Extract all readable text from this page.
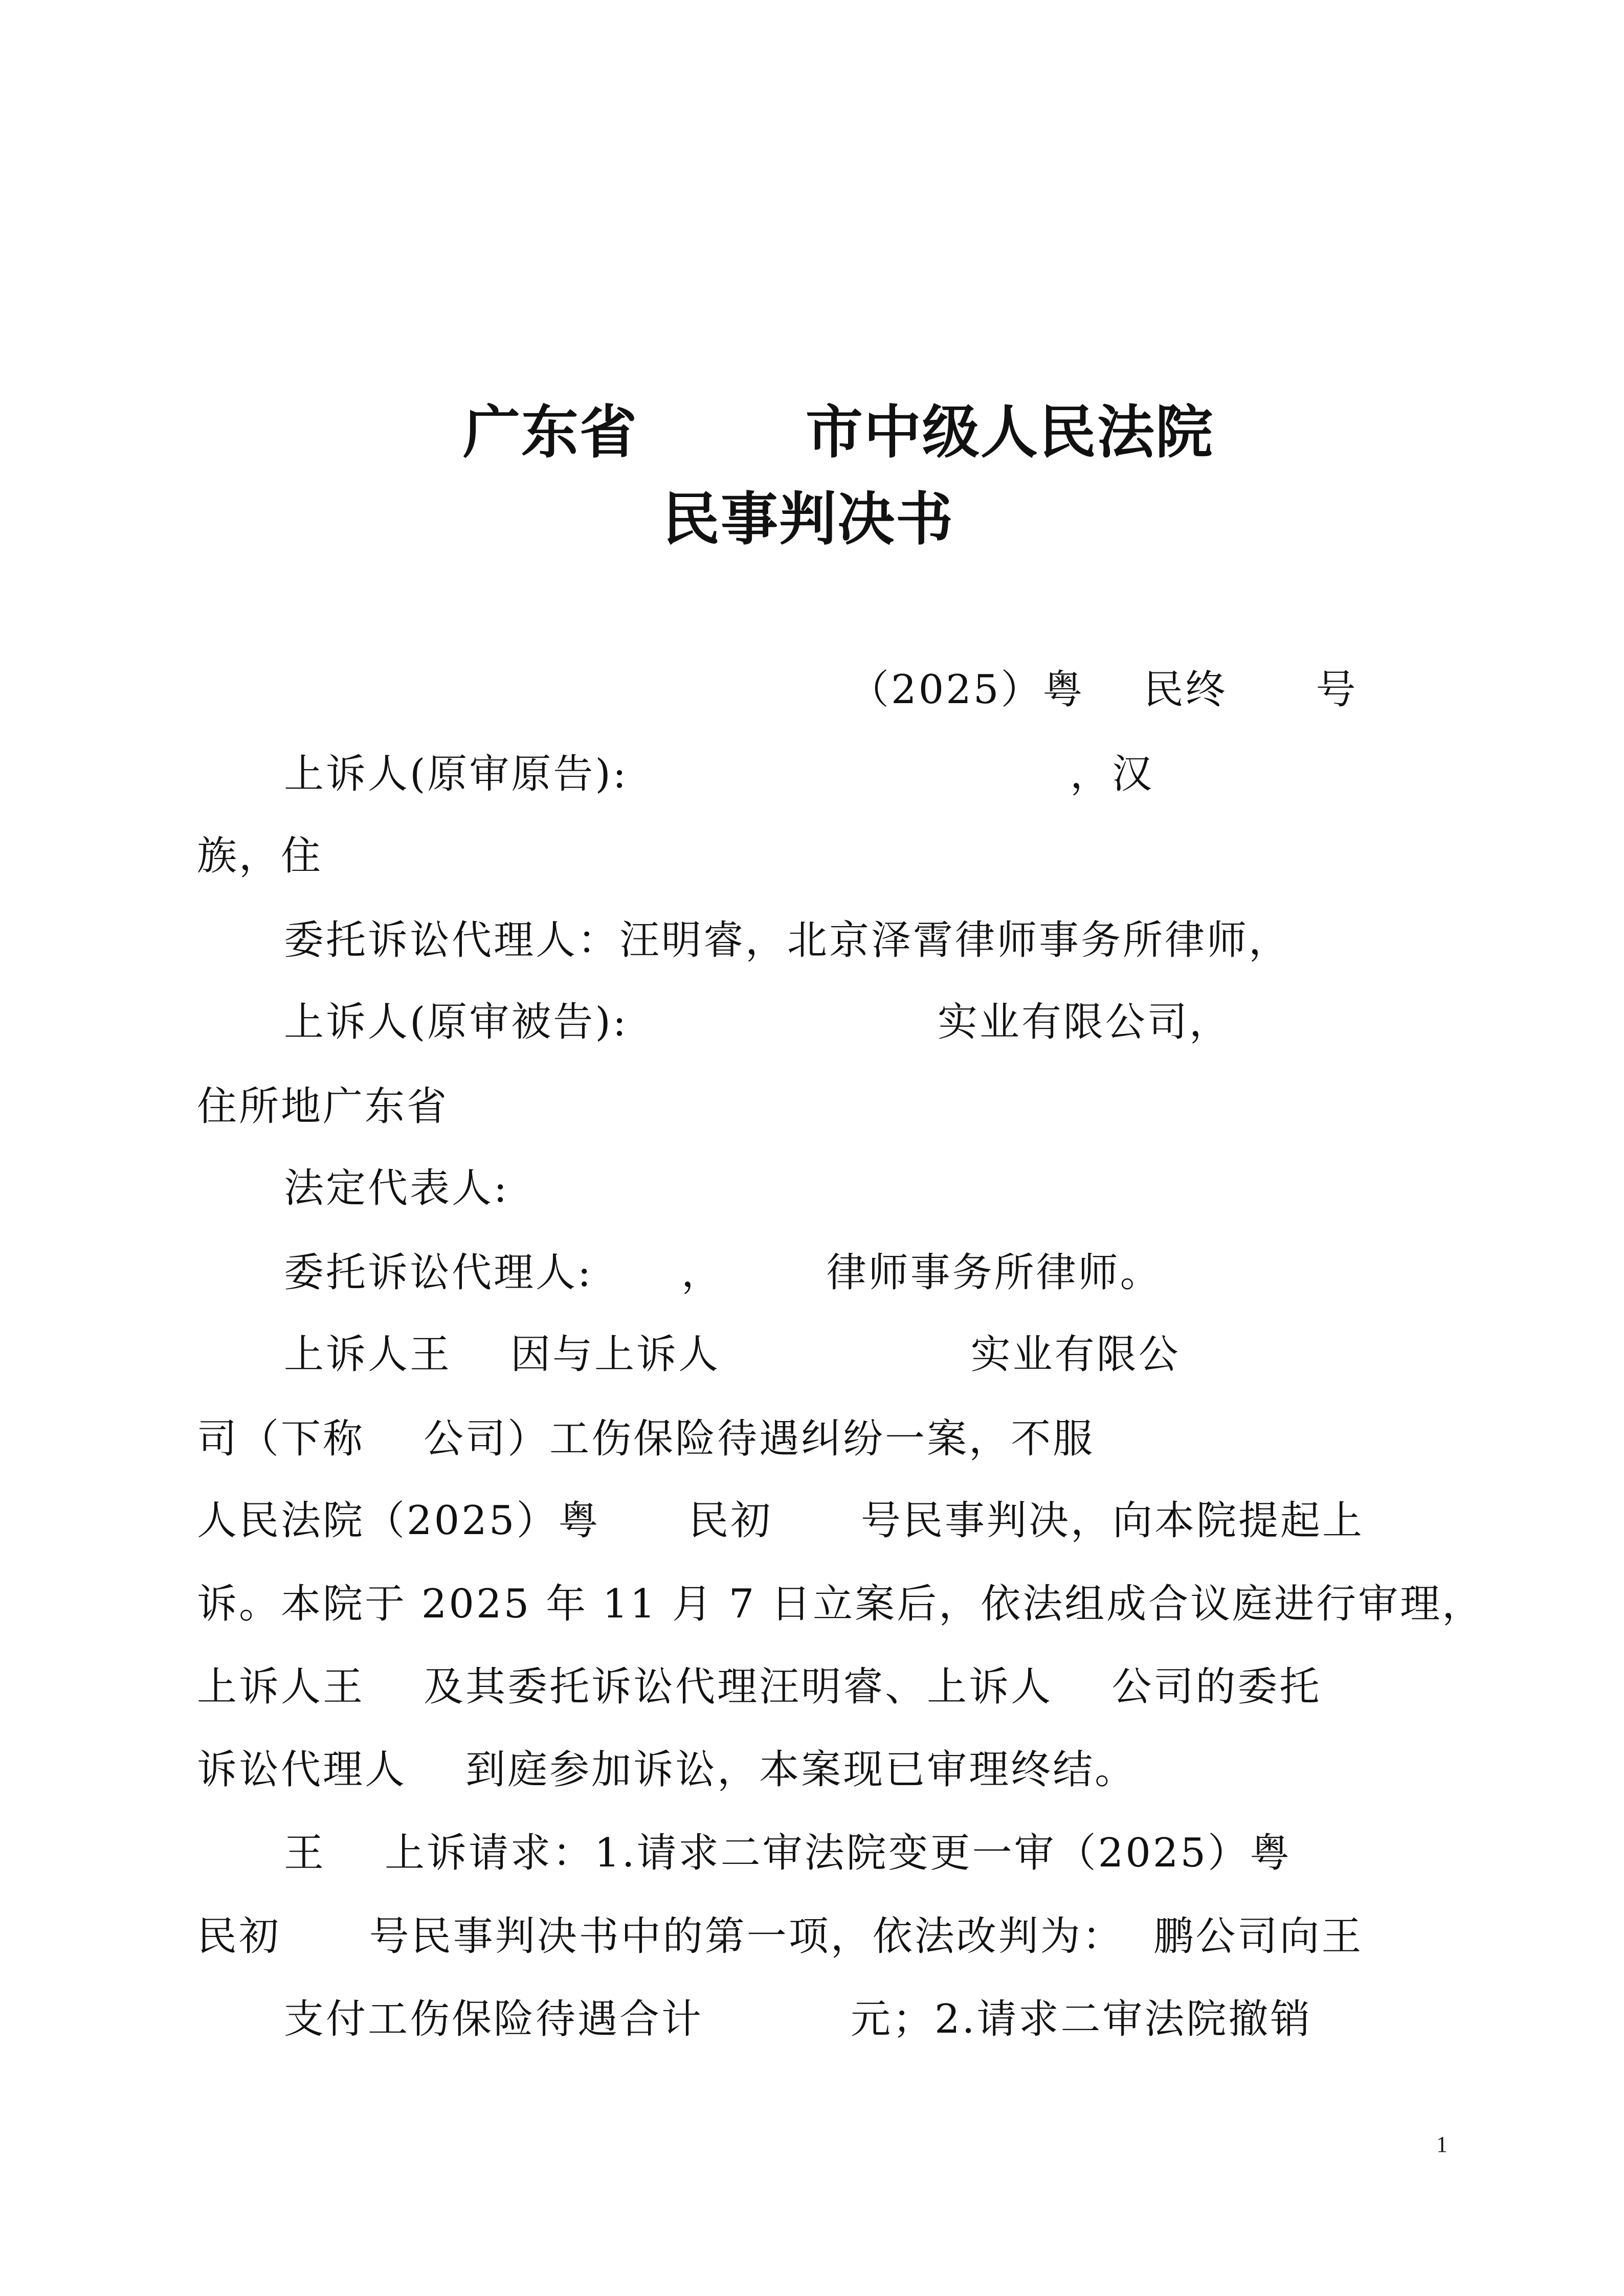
广东省        市中级人民法院
民事判决书
（2025）粤    民终      号
上诉人(原审原告):                              ，汉
族，住
委托诉讼代理人：汪明睿，北京泽霄律师事务所律师，
上诉人(原审被告):                     实业有限公司，
住所地广东省
法定代表人:
委托诉讼代理人:      ，       律师事务所律师。
上诉人王    因与上诉人                 实业有限公
司（下称    公司）工伤保险待遇纠纷一案，不服
人民法院（2025）粤      民初      号民事判决，向本院提起上
诉。本院于 2025 年 11 月 7 日立案后，依法组成合议庭进行审理，
上诉人王    及其委托诉讼代理汪明睿、上诉人    公司的委托
诉讼代理人    到庭参加诉讼，本案现已审理终结。
王    上诉请求：1.请求二审法院变更一审（2025）粤
民初      号民事判决书中的第一项，依法改判为：  鹏公司向王
支付工伤保险待遇合计          元；2.请求二审法院撤销
1
